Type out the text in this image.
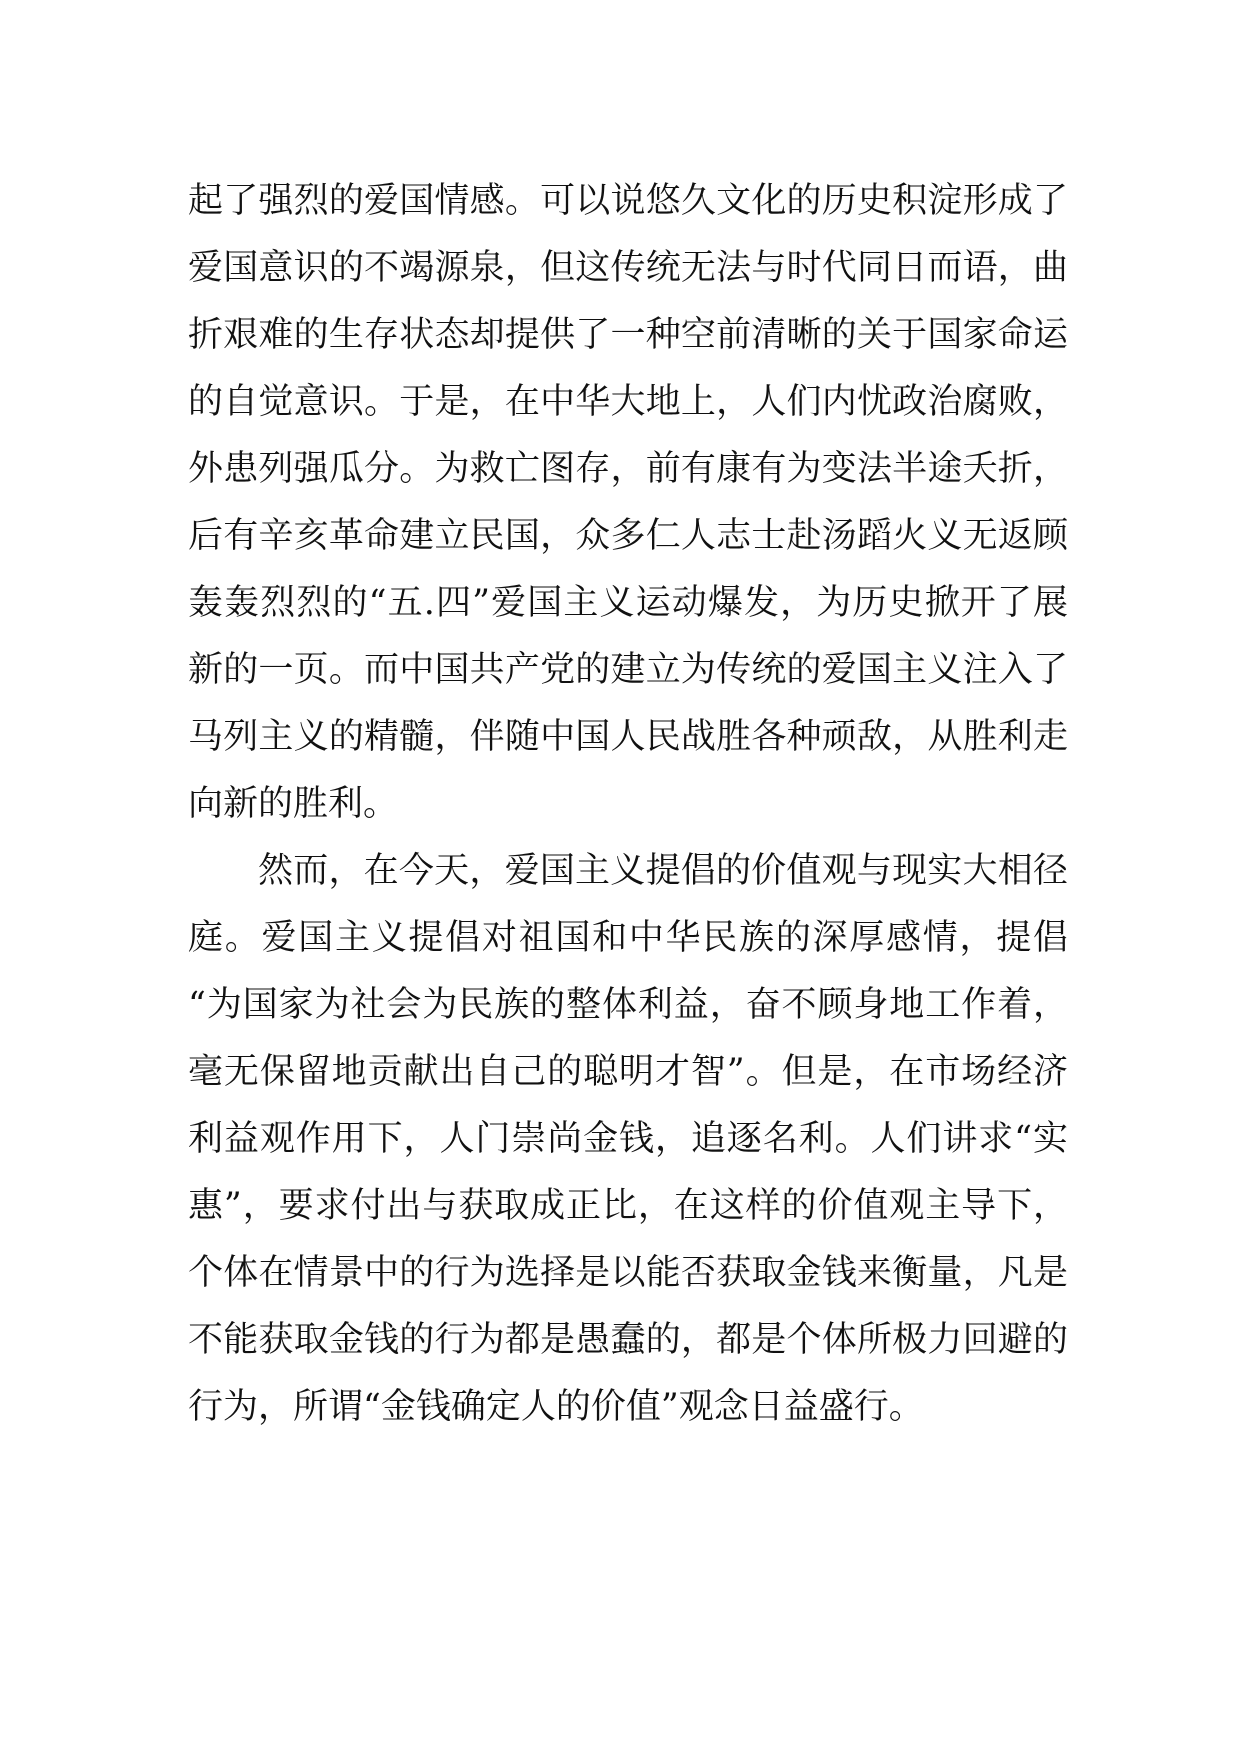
起了强烈的爱国情感。可以说悠久文化的历史积淀形成了
爱国意识的不竭源泉，但这传统无法与时代同日而语，曲
折艰难的生存状态却提供了一种空前清晰的关于国家命运
的自觉意识。于是，在中华大地上，人们内忧政治腐败，
外患列强瓜分。为救亡图存，前有康有为变法半途夭折，
后有辛亥革命建立民国，众多仁人志士赴汤蹈火义无返顾
轰轰烈烈的“五.四”爱国主义运动爆发，为历史掀开了展
新的一页。而中国共产党的建立为传统的爱国主义注入了
马列主义的精髓，伴随中国人民战胜各种顽敌，从胜利走
向新的胜利。
然而，在今天，爱国主义提倡的价值观与现实大相径
庭。爱国主义提倡对祖国和中华民族的深厚感情，提倡
“为国家为社会为民族的整体利益，奋不顾身地工作着，
毫无保留地贡献出自己的聪明才智”。但是，在市场经济
利益观作用下，人门崇尚金钱，追逐名利。人们讲求“实
惠”，要求付出与获取成正比，在这样的价值观主导下，
个体在情景中的行为选择是以能否获取金钱来衡量，凡是
不能获取金钱的行为都是愚蠢的，都是个体所极力回避的
行为，所谓“金钱确定人的价值”观念日益盛行。
